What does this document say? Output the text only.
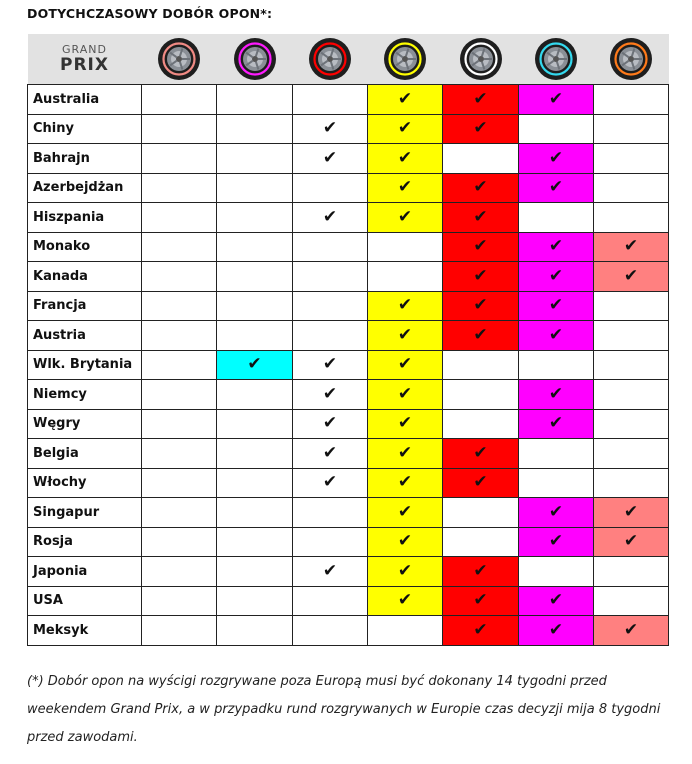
DOTYCHCZASOWY DOBÓR OPON*:
GRAND
PRIX

Australia				✔	✔	✔	
Chiny			✔	✔	✔		
Bahrajn			✔	✔		✔	
Azerbejdżan				✔	✔	✔	
Hiszpania			✔	✔	✔		
Monako					✔	✔	✔
Kanada					✔	✔	✔
Francja				✔	✔	✔	
Austria				✔	✔	✔	
Wlk. Brytania		✔	✔	✔			
Niemcy			✔	✔		✔	
Węgry			✔	✔		✔	
Belgia			✔	✔	✔		
Włochy			✔	✔	✔		
Singapur				✔		✔	✔
Rosja				✔		✔	✔
Japonia			✔	✔	✔		
USA				✔	✔	✔	
Meksyk					✔	✔	✔
(*) Dobór opon na wyścigi rozgrywane poza Europą musi być dokonany 14 tygodni przed weekendem Grand Prix, a w przypadku rund rozgrywanych w Europie czas decyzji mija 8 tygodni przed zawodami.
